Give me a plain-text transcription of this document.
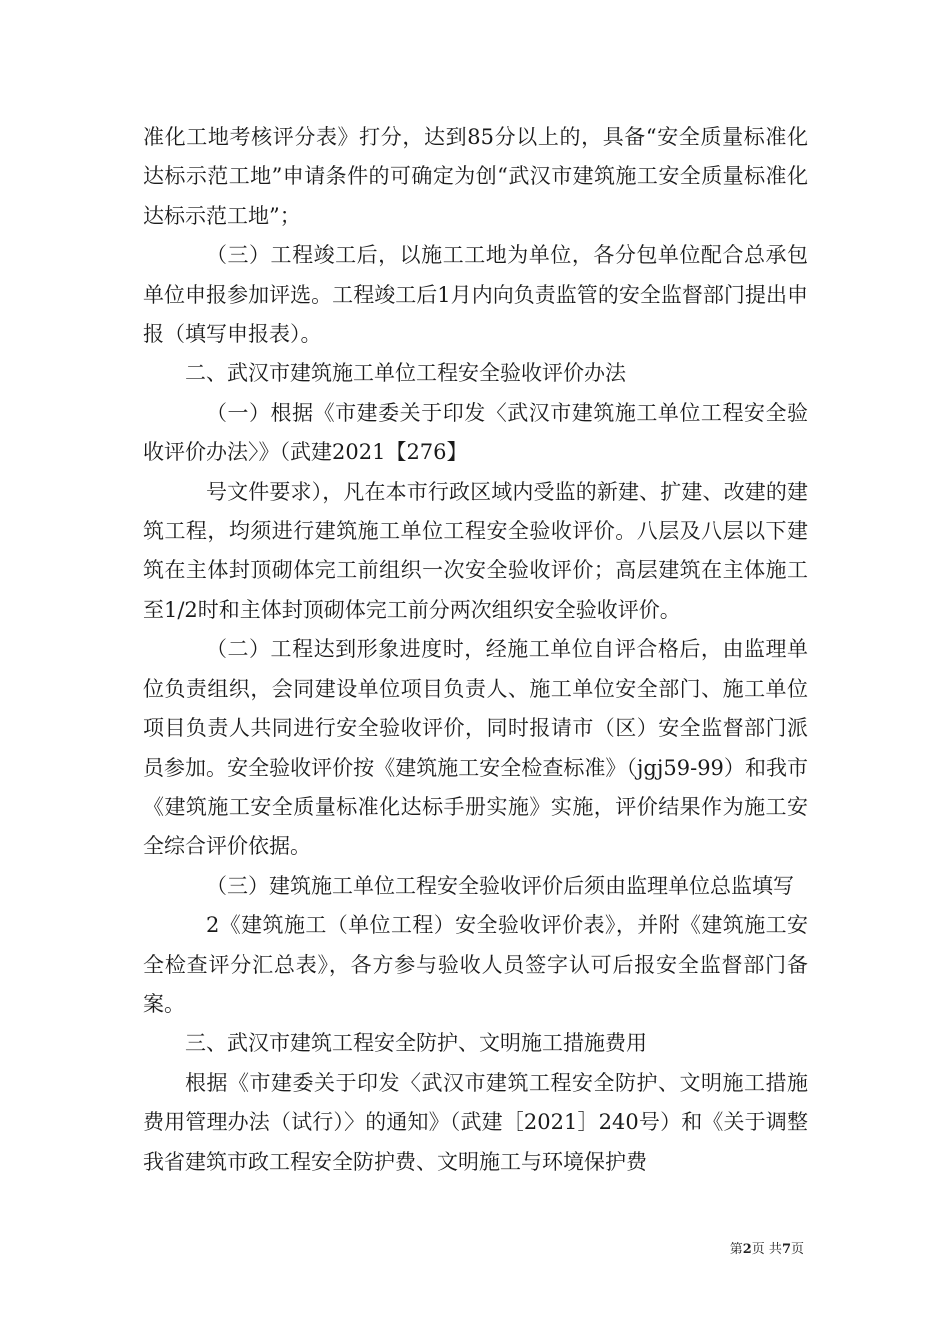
准化工地考核评分表》打分，达到85分以上的，具备“安全质量标准化达标示范工地”申请条件的可确定为创“武汉市建筑施工安全质量标准化达标示范工地”；

（三）工程竣工后，以施工工地为单位，各分包单位配合总承包单位申报参加评选。工程竣工后1月内向负责监管的安全监督部门提出申报（填写申报表）。

二、武汉市建筑施工单位工程安全验收评价办法

（一）根据《市建委关于印发〈武汉市建筑施工单位工程安全验收评价办法〉》（武建2021【276】

号文件要求），凡在本市行政区域内受监的新建、扩建、改建的建筑工程，均须进行建筑施工单位工程安全验收评价。八层及八层以下建筑在主体封顶砌体完工前组织一次安全验收评价；高层建筑在主体施工至1/2时和主体封顶砌体完工前分两次组织安全验收评价。

（二）工程达到形象进度时，经施工单位自评合格后，由监理单位负责组织，会同建设单位项目负责人、施工单位安全部门、施工单位项目负责人共同进行安全验收评价，同时报请市（区）安全监督部门派员参加。安全验收评价按《建筑施工安全检查标准》（jgj59-99）和我市《建筑施工安全质量标准化达标手册实施》实施，评价结果作为施工安全综合评价依据。

（三）建筑施工单位工程安全验收评价后须由监理单位总监填写

2《建筑施工（单位工程）安全验收评价表》，并附《建筑施工安全检查评分汇总表》，各方参与验收人员签字认可后报安全监督部门备案。

三、武汉市建筑工程安全防护、文明施工措施费用

根据《市建委关于印发〈武汉市建筑工程安全防护、文明施工措施费用管理办法（试行）〉的通知》（武建［2021］240号）和《关于调整我省建筑市政工程安全防护费、文明施工与环境保护费

第2页 共7页
